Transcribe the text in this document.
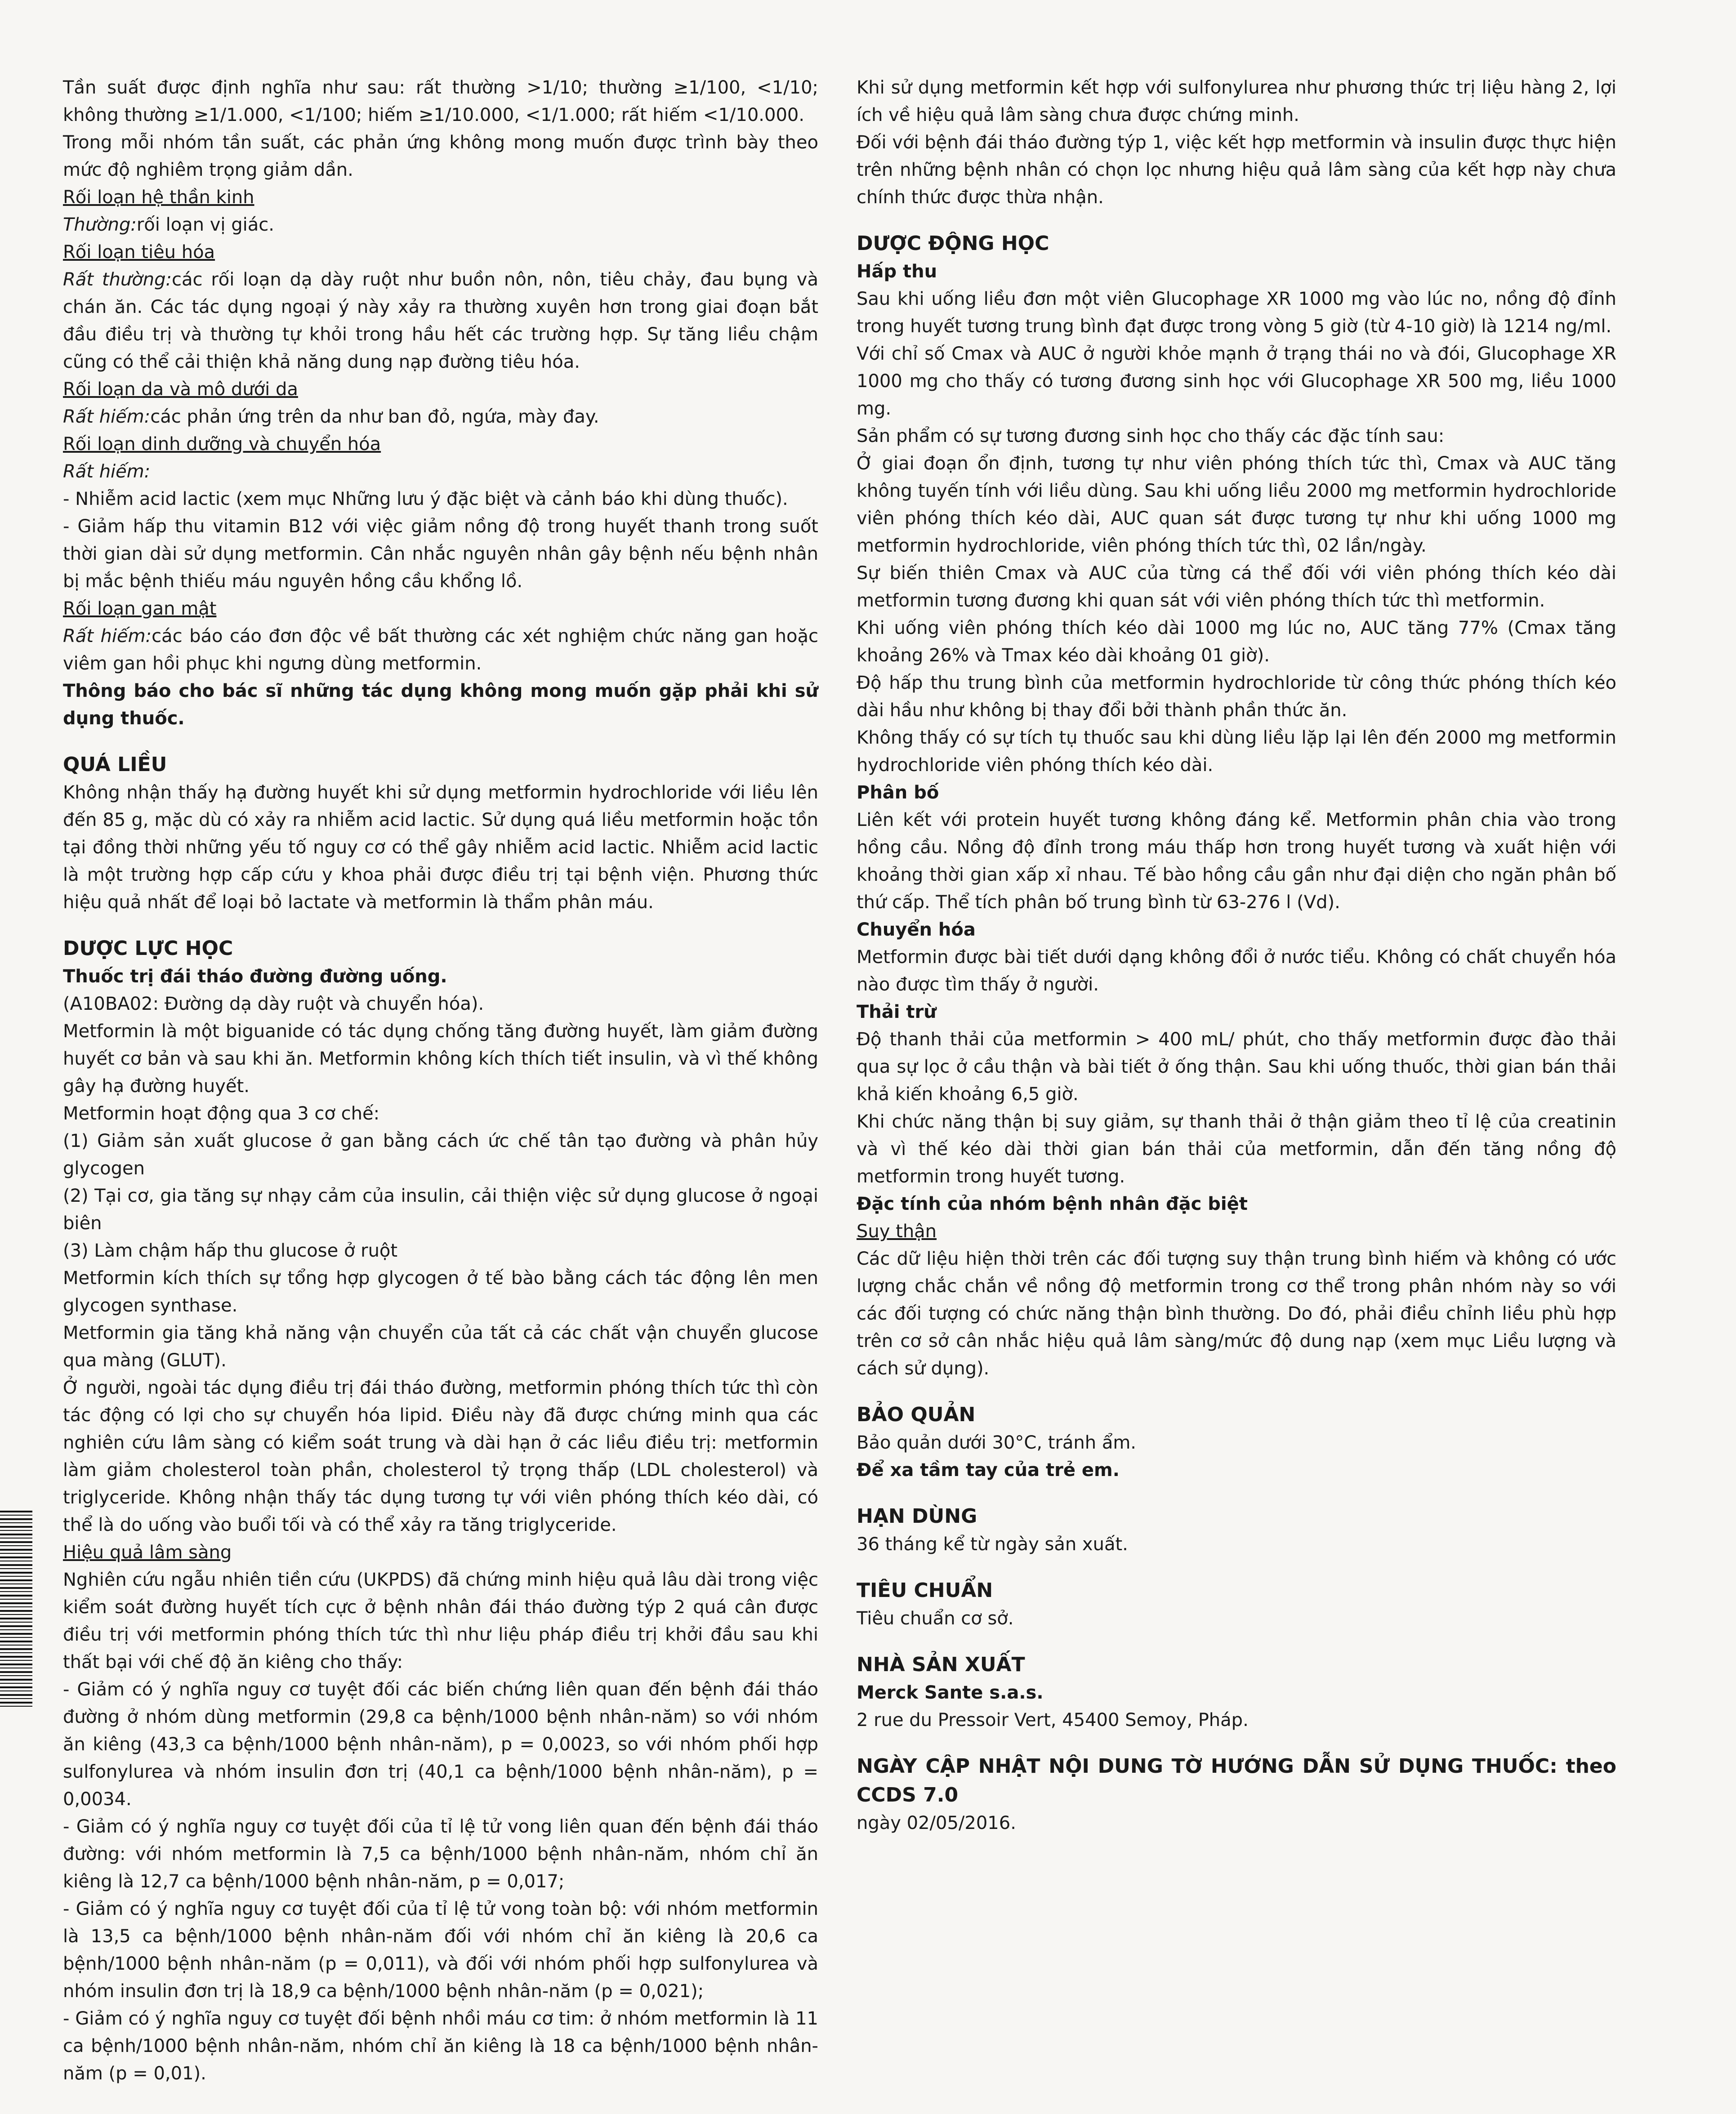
Tần suất được định nghĩa như sau: rất thường >1/10; thường ≥1/100, <1/10; không thường ≥1/1.000, <1/100; hiếm ≥1/10.000, <1/1.000; rất hiếm <1/10.000.

Trong mỗi nhóm tần suất, các phản ứng không mong muốn được trình bày theo mức độ nghiêm trọng giảm dần.

Rối loạn hệ thần kinh

Thường:rối loạn vị giác.

Rối loạn tiêu hóa

Rất thường:các rối loạn dạ dày ruột như buồn nôn, nôn, tiêu chảy, đau bụng và chán ăn. Các tác dụng ngoại ý này xảy ra thường xuyên hơn trong giai đoạn bắt đầu điều trị và thường tự khỏi trong hầu hết các trường hợp. Sự tăng liều chậm cũng có thể cải thiện khả năng dung nạp đường tiêu hóa.

Rối loạn da và mô dưới da

Rất hiếm:các phản ứng trên da như ban đỏ, ngứa, mày đay.

Rối loạn dinh dưỡng và chuyển hóa

Rất hiếm:

- Nhiễm acid lactic (xem mục Những lưu ý đặc biệt và cảnh báo khi dùng thuốc).

- Giảm hấp thu vitamin B12 với việc giảm nồng độ trong huyết thanh trong suốt thời gian dài sử dụng metformin. Cân nhắc nguyên nhân gây bệnh nếu bệnh nhân bị mắc bệnh thiếu máu nguyên hồng cầu khổng lồ.

Rối loạn gan mật

Rất hiếm:các báo cáo đơn độc về bất thường các xét nghiệm chức năng gan hoặc viêm gan hồi phục khi ngưng dùng metformin.

Thông báo cho bác sĩ những tác dụng không mong muốn gặp phải khi sử dụng thuốc.

QUÁ LIỀU

Không nhận thấy hạ đường huyết khi sử dụng metformin hydrochloride với liều lên đến 85 g, mặc dù có xảy ra nhiễm acid lactic. Sử dụng quá liều metformin hoặc tồn tại đồng thời những yếu tố nguy cơ có thể gây nhiễm acid lactic. Nhiễm acid lactic là một trường hợp cấp cứu y khoa phải được điều trị tại bệnh viện. Phương thức hiệu quả nhất để loại bỏ lactate và metformin là thẩm phân máu.

DƯỢC LỰC HỌC

Thuốc trị đái tháo đường đường uống.

(A10BA02: Đường dạ dày ruột và chuyển hóa).

Metformin là một biguanide có tác dụng chống tăng đường huyết, làm giảm đường huyết cơ bản và sau khi ăn. Metformin không kích thích tiết insulin, và vì thế không gây hạ đường huyết.

Metformin hoạt động qua 3 cơ chế:

(1) Giảm sản xuất glucose ở gan bằng cách ức chế tân tạo đường và phân hủy glycogen

(2) Tại cơ, gia tăng sự nhạy cảm của insulin, cải thiện việc sử dụng glucose ở ngoại biên

(3) Làm chậm hấp thu glucose ở ruột

Metformin kích thích sự tổng hợp glycogen ở tế bào bằng cách tác động lên men glycogen synthase.

Metformin gia tăng khả năng vận chuyển của tất cả các chất vận chuyển glucose qua màng (GLUT).

Ở người, ngoài tác dụng điều trị đái tháo đường, metformin phóng thích tức thì còn tác động có lợi cho sự chuyển hóa lipid. Điều này đã được chứng minh qua các nghiên cứu lâm sàng có kiểm soát trung và dài hạn ở các liều điều trị: metformin làm giảm cholesterol toàn phần, cholesterol tỷ trọng thấp (LDL cholesterol) và triglyceride. Không nhận thấy tác dụng tương tự với viên phóng thích kéo dài, có thể là do uống vào buổi tối và có thể xảy ra tăng triglyceride.

Hiệu quả lâm sàng

Nghiên cứu ngẫu nhiên tiền cứu (UKPDS) đã chứng minh hiệu quả lâu dài trong việc kiểm soát đường huyết tích cực ở bệnh nhân đái tháo đường týp 2 quá cân được điều trị với metformin phóng thích tức thì như liệu pháp điều trị khởi đầu sau khi thất bại với chế độ ăn kiêng cho thấy:

- Giảm có ý nghĩa nguy cơ tuyệt đối các biến chứng liên quan đến bệnh đái tháo đường ở nhóm dùng metformin (29,8 ca bệnh/1000 bệnh nhân-năm) so với nhóm ăn kiêng (43,3 ca bệnh/1000 bệnh nhân-năm), p = 0,0023, so với nhóm phối hợp sulfonylurea và nhóm insulin đơn trị (40,1 ca bệnh/1000 bệnh nhân-năm), p = 0,0034.

- Giảm có ý nghĩa nguy cơ tuyệt đối của tỉ lệ tử vong liên quan đến bệnh đái tháo đường: với nhóm metformin là 7,5 ca bệnh/1000 bệnh nhân-năm, nhóm chỉ ăn kiêng là 12,7 ca bệnh/1000 bệnh nhân-năm, p = 0,017;

- Giảm có ý nghĩa nguy cơ tuyệt đối của tỉ lệ tử vong toàn bộ: với nhóm metformin là 13,5 ca bệnh/1000 bệnh nhân-năm đối với nhóm chỉ ăn kiêng là 20,6 ca bệnh/1000 bệnh nhân-năm (p = 0,011), và đối với nhóm phối hợp sulfonylurea và nhóm insulin đơn trị là 18,9 ca bệnh/1000 bệnh nhân-năm (p = 0,021);

- Giảm có ý nghĩa nguy cơ tuyệt đối bệnh nhồi máu cơ tim: ở nhóm metformin là 11 ca bệnh/1000 bệnh nhân-năm, nhóm chỉ ăn kiêng là 18 ca bệnh/1000 bệnh nhân-năm (p = 0,01).

Khi sử dụng metformin kết hợp với sulfonylurea như phương thức trị liệu hàng 2, lợi ích về hiệu quả lâm sàng chưa được chứng minh.

Đối với bệnh đái tháo đường týp 1, việc kết hợp metformin và insulin được thực hiện trên những bệnh nhân có chọn lọc nhưng hiệu quả lâm sàng của kết hợp này chưa chính thức được thừa nhận.

DƯỢC ĐỘNG HỌC

Hấp thu

Sau khi uống liều đơn một viên Glucophage XR 1000 mg vào lúc no, nồng độ đỉnh trong huyết tương trung bình đạt được trong vòng 5 giờ (từ 4-10 giờ) là 1214 ng/ml.

Với chỉ số Cmax và AUC ở người khỏe mạnh ở trạng thái no và đói, Glucophage XR 1000 mg cho thấy có tương đương sinh học với Glucophage XR 500 mg, liều 1000 mg.

Sản phẩm có sự tương đương sinh học cho thấy các đặc tính sau:

Ở giai đoạn ổn định, tương tự như viên phóng thích tức thì, Cmax và AUC tăng không tuyến tính với liều dùng. Sau khi uống liều 2000 mg metformin hydrochloride viên phóng thích kéo dài, AUC quan sát được tương tự như khi uống 1000 mg metformin hydrochloride, viên phóng thích tức thì, 02 lần/ngày.

Sự biến thiên Cmax và AUC của từng cá thể đối với viên phóng thích kéo dài metformin tương đương khi quan sát với viên phóng thích tức thì metformin.

Khi uống viên phóng thích kéo dài 1000 mg lúc no, AUC tăng 77% (Cmax tăng khoảng 26% và Tmax kéo dài khoảng 01 giờ).

Độ hấp thu trung bình của metformin hydrochloride từ công thức phóng thích kéo dài hầu như không bị thay đổi bởi thành phần thức ăn.

Không thấy có sự tích tụ thuốc sau khi dùng liều lặp lại lên đến 2000 mg metformin hydrochloride viên phóng thích kéo dài.

Phân bố

Liên kết với protein huyết tương không đáng kể. Metformin phân chia vào trong hồng cầu. Nồng độ đỉnh trong máu thấp hơn trong huyết tương và xuất hiện với khoảng thời gian xấp xỉ nhau. Tế bào hồng cầu gần như đại diện cho ngăn phân bố thứ cấp. Thể tích phân bố trung bình từ 63-276 l (Vd).

Chuyển hóa

Metformin được bài tiết dưới dạng không đổi ở nước tiểu. Không có chất chuyển hóa nào được tìm thấy ở người.

Thải trừ

Độ thanh thải của metformin > 400 mL/ phút, cho thấy metformin được đào thải qua sự lọc ở cầu thận và bài tiết ở ống thận. Sau khi uống thuốc, thời gian bán thải khả kiến khoảng 6,5 giờ.

Khi chức năng thận bị suy giảm, sự thanh thải ở thận giảm theo tỉ lệ của creatinin và vì thế kéo dài thời gian bán thải của metformin, dẫn đến tăng nồng độ metformin trong huyết tương.

Đặc tính của nhóm bệnh nhân đặc biệt

Suy thận

Các dữ liệu hiện thời trên các đối tượng suy thận trung bình hiếm và không có ước lượng chắc chắn về nồng độ metformin trong cơ thể trong phân nhóm này so với các đối tượng có chức năng thận bình thường. Do đó, phải điều chỉnh liều phù hợp trên cơ sở cân nhắc hiệu quả lâm sàng/mức độ dung nạp (xem mục Liều lượng và cách sử dụng).

BẢO QUẢN

Bảo quản dưới 30°C, tránh ẩm.

Để xa tầm tay của trẻ em.

HẠN DÙNG

36 tháng kể từ ngày sản xuất.

TIÊU CHUẨN

Tiêu chuẩn cơ sở.

NHÀ SẢN XUẤT

Merck Sante s.a.s.

2 rue du Pressoir Vert, 45400 Semoy, Pháp.

NGÀY CẬP NHẬT NỘI DUNG TỜ HƯỚNG DẪN SỬ DỤNG THUỐC: theo CCDS 7.0

ngày 02/05/2016.
